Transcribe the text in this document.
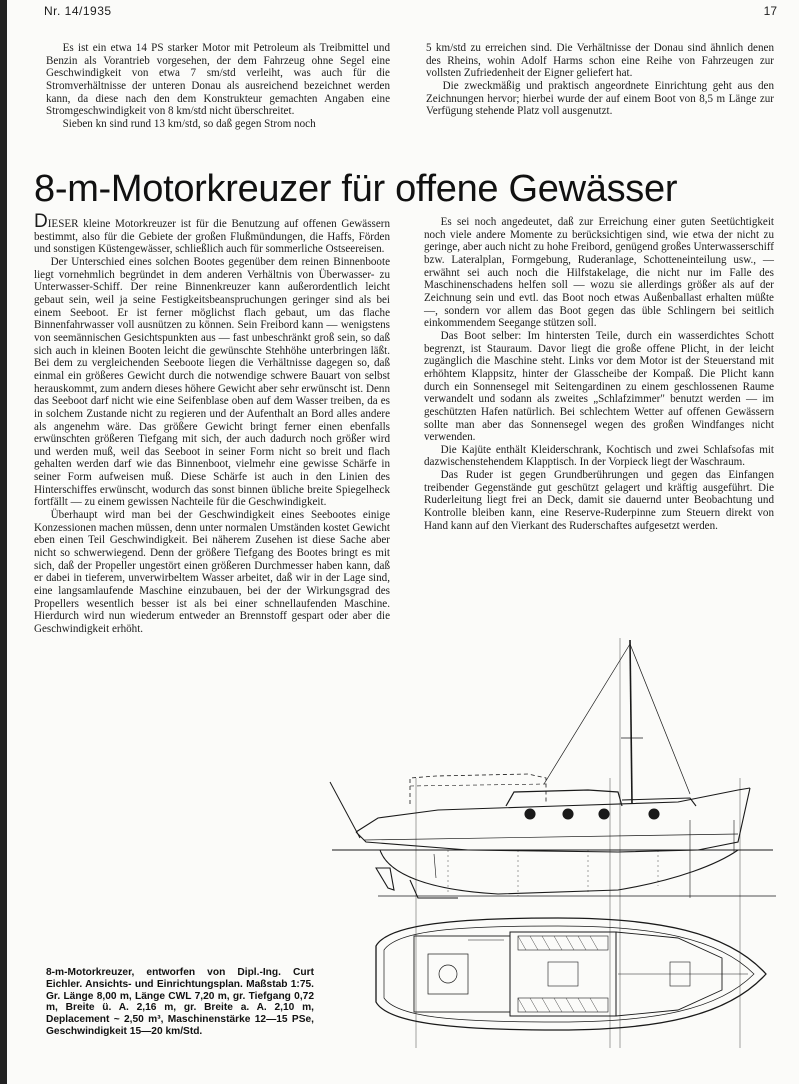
Nr. 14/1935	17

Es ist ein etwa 14 PS starker Motor mit Petroleum als Treibmittel und Benzin als Vorantrieb vorgesehen, der dem Fahrzeug ohne Segel eine Geschwindigkeit von etwa 7 sm/std verleiht, was auch für die Stromverhältnisse der unteren Donau als ausreichend bezeichnet werden kann, da diese nach den dem Konstrukteur gemachten Angaben eine Stromgeschwindigkeit von 8 km/std nicht überschreitet.

Sieben kn sind rund 13 km/std, so daß gegen Strom noch

5 km/std zu erreichen sind. Die Verhältnisse der Donau sind ähnlich denen des Rheins, wohin Adolf Harms schon eine Reihe von Fahrzeugen zur vollsten Zufriedenheit der Eigner geliefert hat.

Die zweckmäßig und praktisch angeordnete Einrichtung geht aus den Zeichnungen hervor; hierbei wurde der auf einem Boot von 8,5 m Länge zur Verfügung stehende Platz voll ausgenutzt.

8-m-Motorkreuzer für offene Gewässer

DIESER kleine Motorkreuzer ist für die Benutzung auf offenen Gewässern bestimmt, also für die Gebiete der großen Flußmündungen, die Haffs, Förden und sonstigen Küstengewässer, schließlich auch für sommerliche Ostseereisen.

Der Unterschied eines solchen Bootes gegenüber dem reinen Binnenboote liegt vornehmlich begründet in dem anderen Verhältnis von Überwasser- zu Unterwasser-Schiff. Der reine Binnenkreuzer kann außerordentlich leicht gebaut sein, weil ja seine Festigkeitsbeanspruchungen geringer sind als bei einem Seeboot. Er ist ferner möglichst flach gebaut, um das flache Binnenfahrwasser voll ausnützen zu können. Sein Freibord kann — wenigstens von seemännischen Gesichtspunkten aus — fast unbeschränkt groß sein, so daß sich auch in kleinen Booten leicht die gewünschte Stehhöhe unterbringen läßt. Bei dem zu vergleichenden Seeboote liegen die Verhältnisse dagegen so, daß einmal ein größeres Gewicht durch die notwendige schwere Bauart von selbst herauskommt, zum andern dieses höhere Gewicht aber sehr erwünscht ist. Denn das Seeboot darf nicht wie eine Seifenblase oben auf dem Wasser treiben, da es in solchem Zustande nicht zu regieren und der Aufenthalt an Bord alles andere als angenehm wäre. Das größere Gewicht bringt ferner einen ebenfalls erwünschten größeren Tiefgang mit sich, der auch dadurch noch größer wird und werden muß, weil das Seeboot in seiner Form nicht so breit und flach gehalten werden darf wie das Binnenboot, vielmehr eine gewisse Schärfe in seiner Form aufweisen muß. Diese Schärfe ist auch in den Linien des Hinterschiffes erwünscht, wodurch das sonst binnen übliche breite Spiegelheck fortfällt — zu einem gewissen Nachteile für die Geschwindigkeit.

Überhaupt wird man bei der Geschwindigkeit eines Seebootes einige Konzessionen machen müssen, denn unter normalen Umständen kostet Gewicht eben einen Teil Geschwindigkeit. Bei näherem Zusehen ist diese Sache aber nicht so schwerwiegend. Denn der größere Tiefgang des Bootes bringt es mit sich, daß der Propeller ungestört einen größeren Durchmesser haben kann, daß er dabei in tieferem, unverwirbeltem Wasser arbeitet, daß wir in der Lage sind, eine langsamlaufende Maschine einzubauen, bei der der Wirkungsgrad des Propellers wesentlich besser ist als bei einer schnellaufenden Maschine. Hierdurch wird nun wiederum entweder an Brennstoff gespart oder aber die Geschwindigkeit erhöht.

Es sei noch angedeutet, daß zur Erreichung einer guten Seetüchtigkeit noch viele andere Momente zu berücksichtigen sind, wie etwa der nicht zu geringe, aber auch nicht zu hohe Freibord, genügend großes Unterwasserschiff bzw. Lateralplan, Formgebung, Ruderanlage, Schotteneinteilung usw., — erwähnt sei auch noch die Hilfstakelage, die nicht nur im Falle des Maschinenschadens helfen soll — wozu sie allerdings größer als auf der Zeichnung sein und evtl. das Boot noch etwas Außenballast erhalten müßte —, sondern vor allem das Boot gegen das üble Schlingern bei seitlich einkommendem Seegange stützen soll.

Das Boot selber: Im hintersten Teile, durch ein wasserdichtes Schott begrenzt, ist Stauraum. Davor liegt die große offene Plicht, in der leicht zugänglich die Maschine steht. Links vor dem Motor ist der Steuerstand mit erhöhtem Klappsitz, hinter der Glasscheibe der Kompaß. Die Plicht kann durch ein Sonnensegel mit Seitengardinen zu einem geschlossenen Raume verwandelt und sodann als zweites „Schlafzimmer" benutzt werden — im geschützten Hafen natürlich. Bei schlechtem Wetter auf offenen Gewässern sollte man aber das Sonnensegel wegen des großen Windfanges nicht verwenden.

Die Kajüte enthält Kleiderschrank, Kochtisch und zwei Schlafsofas mit dazwischenstehendem Klapptisch. In der Vorpieck liegt der Waschraum.

Das Ruder ist gegen Grundberührungen und gegen das Einfangen treibender Gegenstände gut geschützt gelagert und kräftig ausgeführt. Die Ruderleitung liegt frei an Deck, damit sie dauernd unter Beobachtung und Kontrolle bleiben kann, eine Reserve-Ruderpinne zum Steuern direkt von Hand kann auf den Vierkant des Ruderschaftes aufgesetzt werden.

8-m-Motorkreuzer, entworfen von Dipl.-Ing. Curt Eichler. Ansichts- und Einrichtungsplan. Maßstab 1:75. Gr. Länge 8,00 m, Länge CWL 7,20 m, gr. Tiefgang 0,72 m, Breite ü. A. 2,16 m, gr. Breite a. A. 2,10 m, Deplacement ~ 2,50 m³, Maschinenstärke 12—15 PSe, Geschwindigkeit 15—20 km/Std.
